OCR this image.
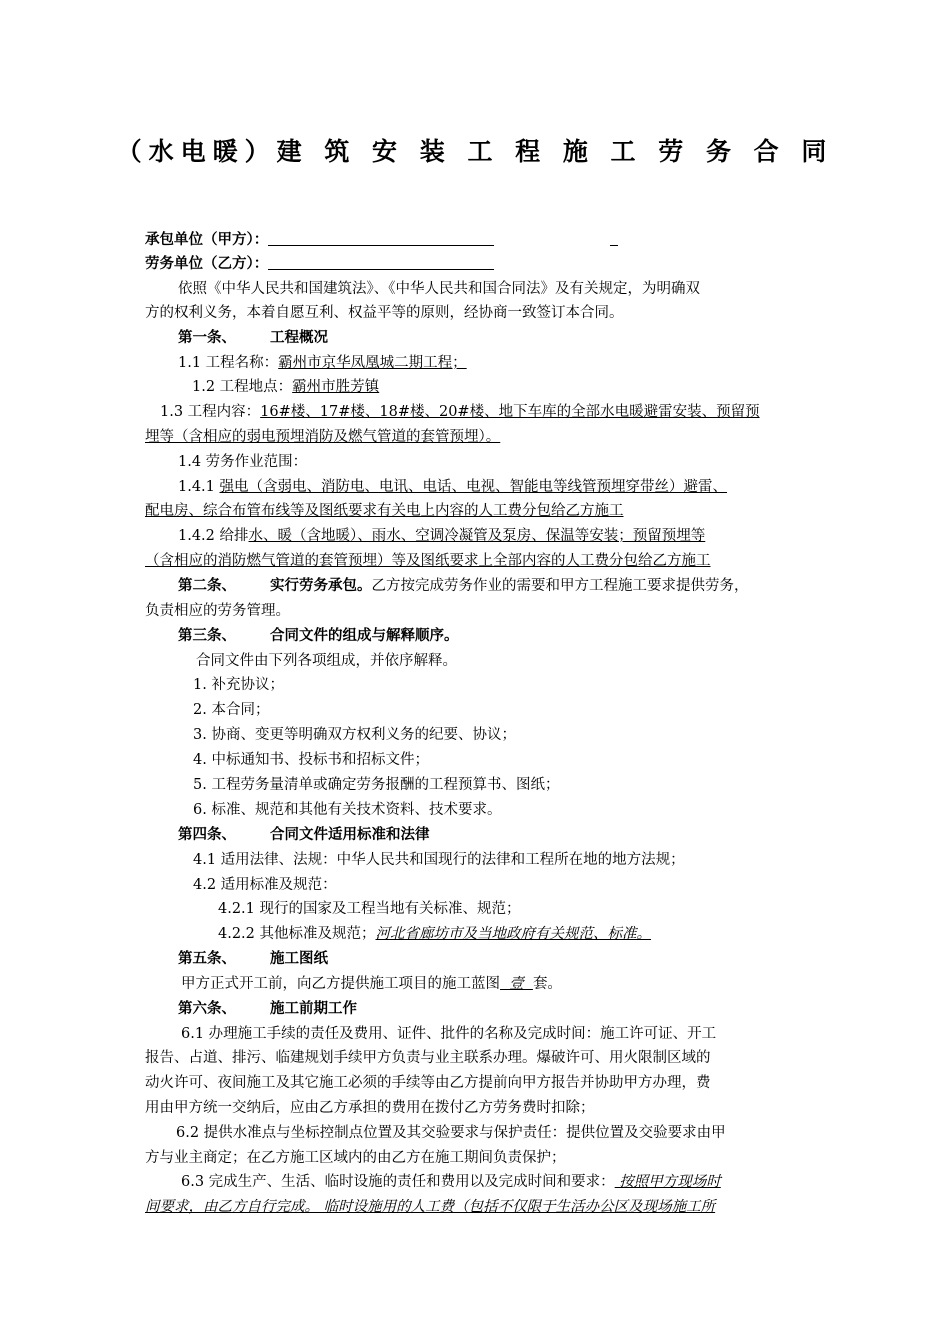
（水电暖）建 筑 安 装 工 程 施 工 劳 务 合 同
承包单位（甲方）：
劳务单位（乙方）：
依照《中华人民共和国建筑法》、《中华人民共和国合同法》及有关规定，为明确双
方的权利义务，本着自愿互利、权益平等的原则，经协商一致签订本合同。
第一条、 工程概况
1.1 工程名称：霸州市京华凤凰城二期工程；
1.2 工程地点：霸州市胜芳镇
1.3 工程内容：16#楼、17#楼、18#楼、20#楼、地下车库的全部水电暖避雷安装、预留预
埋等（含相应的弱电预埋消防及燃气管道的套管预埋）。
1.4 劳务作业范围：
1.4.1 强电（含弱电、消防电、电讯、电话、电视、智能电等线管预埋穿带丝）避雷、
配电房、综合布管布线等及图纸要求有关电上内容的人工费分包给乙方施工
1.4.2 给排水、暖（含地暖）、雨水、空调冷凝管及泵房、保温等安装；预留预埋等
（含相应的消防燃气管道的套管预埋）等及图纸要求上全部内容的人工费分包给乙方施工
第二条、 实行劳务承包。乙方按完成劳务作业的需要和甲方工程施工要求提供劳务，
负责相应的劳务管理。
第三条、 合同文件的组成与解释顺序。
合同文件由下列各项组成，并依序解释。
1. 补充协议；
2. 本合同；
3. 协商、变更等明确双方权利义务的纪要、协议；
4. 中标通知书、投标书和招标文件；
5. 工程劳务量清单或确定劳务报酬的工程预算书、图纸；
6. 标准、规范和其他有关技术资料、技术要求。
第四条、 合同文件适用标准和法律
4.1 适用法律、法规：中华人民共和国现行的法律和工程所在地的地方法规；
4.2 适用标准及规范：
4.2.1 现行的国家及工程当地有关标准、规范；
4.2.2 其他标准及规范；河北省廊坊市及当地政府有关规范、标准。
第五条、 施工图纸
甲方正式开工前，向乙方提供施工项目的施工蓝图  壹  套。
第六条、 施工前期工作
6.1 办理施工手续的责任及费用、证件、批件的名称及完成时间：施工许可证、开工
报告、占道、排污、临建规划手续甲方负责与业主联系办理。爆破许可、用火限制区域的
动火许可、夜间施工及其它施工必须的手续等由乙方提前向甲方报告并协助甲方办理，费
用由甲方统一交纳后，应由乙方承担的费用在拨付乙方劳务费时扣除；
6.2 提供水准点与坐标控制点位置及其交验要求与保护责任：提供位置及交验要求由甲
方与业主商定；在乙方施工区域内的由乙方在施工期间负责保护；
6.3 完成生产、生活、临时设施的责任和费用以及完成时间和要求： 按照甲方现场时
间要求，由乙方自行完成。 临时设施用的人工费（包括不仅限于生活办公区及现场施工所
